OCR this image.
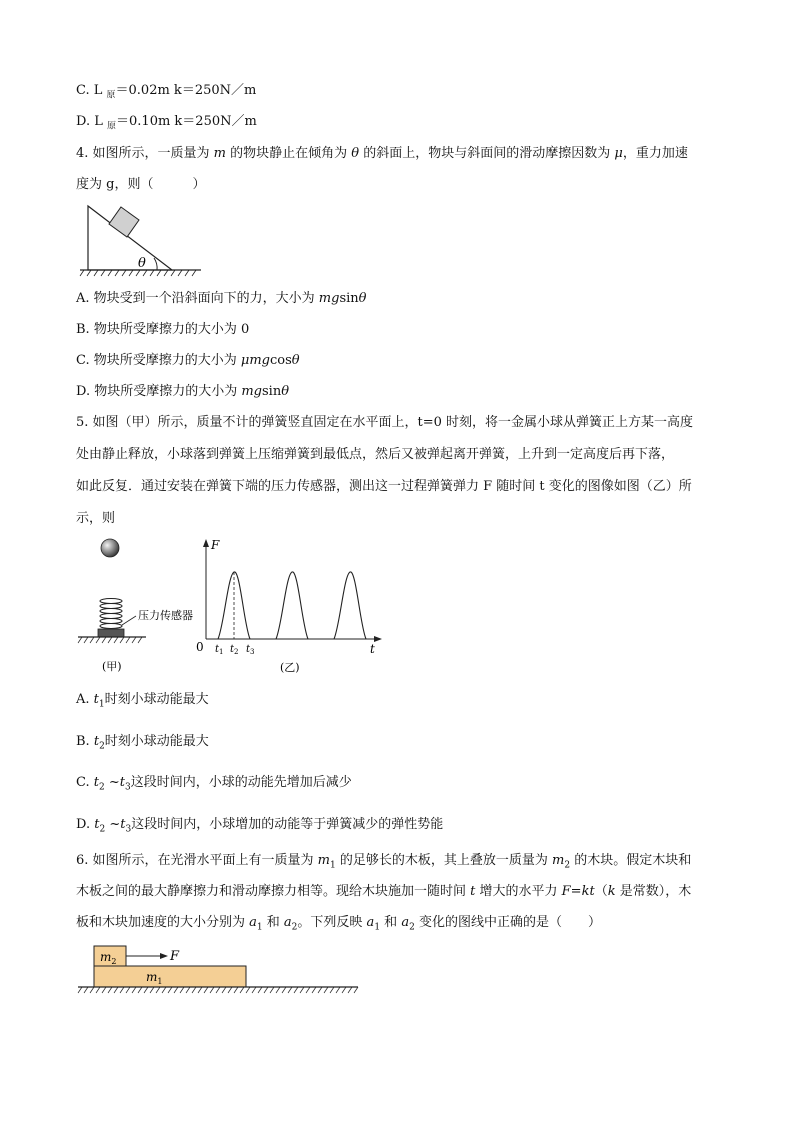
C. L $_原$＝0.02m k＝250N／m
D. L $_原$＝0.10m k＝250N／m
4. 如图所示，一质量为 m 的物块静止在倾角为 θ 的斜面上，物块与斜面间的滑动摩擦因数为 μ，重力加速
度为 g，则（　　　）
θ
A. 物块受到一个沿斜面向下的力，大小为 mgsinθ
B. 物块所受摩擦力的大小为 0
C. 物块所受摩擦力的大小为 μmgcosθ
D. 物块所受摩擦力的大小为 mgsinθ
5. 如图（甲）所示，质量不计的弹簧竖直固定在水平面上，t=0 时刻，将一金属小球从弹簧正上方某一高度
处由静止释放，小球落到弹簧上压缩弹簧到最低点，然后又被弹起离开弹簧，上升到一定高度后再下落，
如此反复．通过安装在弹簧下端的压力传感器，测出这一过程弹簧弹力 F 随时间 t 变化的图像如图（乙）所
示，则
压力传感器
(甲)
F
t
0 $t_1$ $t_2$ $t_3$
(乙)
A. $t_1$时刻小球动能最大
B. $t_2$时刻小球动能最大
C. $t_2$ $\sim t_3$这段时间内，小球的动能先增加后减少
D. $t_2$ $\sim t_3$这段时间内，小球增加的动能等于弹簧减少的弹性势能
6. 如图所示，在光滑水平面上有一质量为 $m_1$ 的足够长的木板，其上叠放一质量为 $m_2$ 的木块。假定木块和
木板之间的最大静摩擦力和滑动摩擦力相等。现给木块施加一随时间 t 增大的水平力 F=kt（k 是常数），木
板和木块加速度的大小分别为 $a_1$ 和 $a_2$。下列反映 $a_1$ 和 $a_2$ 变化的图线中正确的是（　　）
$m_2$	F
$m_1$
